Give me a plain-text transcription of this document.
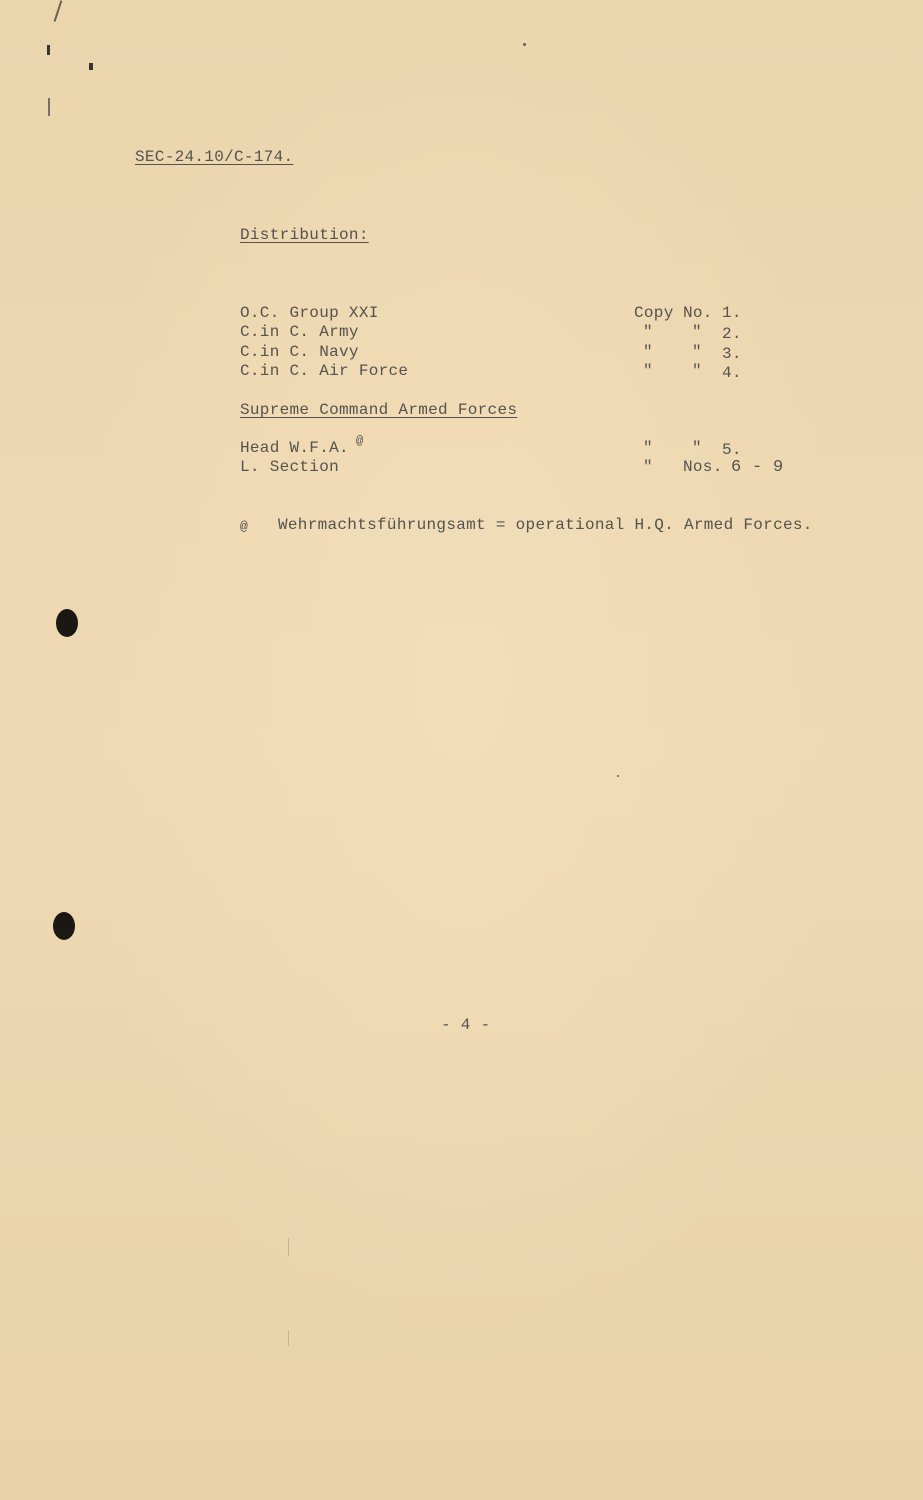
SEC-24.10/C-174.
Distribution:
O.C. Group XXI	Copy No. 1.
C.in C. Army	" " 2.
C.in C. Navy	" " 3.
C.in C. Air Force	" " 4.
Supreme Command Armed Forces
Head W.F.A. @	" " 5.
L. Section	" Nos. 6 - 9
@ Wehrmachtsführungsamt = operational H.Q. Armed Forces.
- 4 -
